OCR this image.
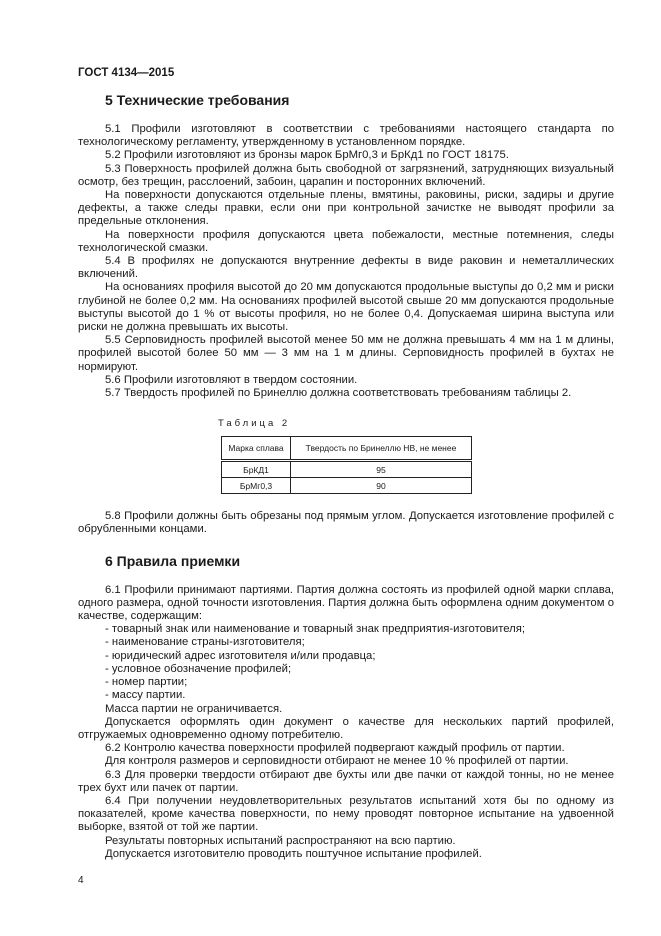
ГОСТ 4134—2015
5 Технические требования

5.1 Профили изготовляют в соответствии с требованиями настоящего стандарта по технологическому регламенту, утвержденному в установленном порядке.

5.2 Профили изготовляют из бронзы марок БрМг0,3 и БрКд1 по ГОСТ 18175.

5.3 Поверхность профилей должна быть свободной от загрязнений, затрудняющих визуальный осмотр, без трещин, расслоений, забоин, царапин и посторонних включений.

На поверхности допускаются отдельные плены, вмятины, раковины, риски, задиры и другие дефекты, а также следы правки, если они при контрольной зачистке не выводят профили за предельные отклонения.

На поверхности профиля допускаются цвета побежалости, местные потемнения, следы технологической смазки.

5.4 В профилях не допускаются внутренние дефекты в виде раковин и неметаллических включений.

На основаниях профиля высотой до 20 мм допускаются продольные выступы до 0,2 мм и риски глубиной не более 0,2 мм. На основаниях профилей высотой свыше 20 мм допускаются продольные выступы высотой до 1 % от высоты профиля, но не более 0,4. Допускаемая ширина выступа или риски не должна превышать их высоты.

5.5 Серповидность профилей высотой менее 50 мм не должна превышать 4 мм на 1 м длины, профилей высотой более 50 мм — 3 мм на 1 м длины. Серповидность профилей в бухтах не нормируют.

5.6 Профили изготовляют в твердом состоянии.

5.7 Твердость профилей по Бринеллю должна соответствовать требованиям таблицы 2.

Таблица 2
Марка сплава	Твердость по Бринеллю НВ, не менее
БрКД1	95
БрМг0,3	90

5.8 Профили должны быть обрезаны под прямым углом. Допускается изготовление профилей с обрубленными концами.

6 Правила приемки

6.1 Профили принимают партиями. Партия должна состоять из профилей одной марки сплава, одного размера, одной точности изготовления. Партия должна быть оформлена одним документом о качестве, содержащим:

- товарный знак или наименование и товарный знак предприятия-изготовителя;

- наименование страны-изготовителя;

- юридический адрес изготовителя и/или продавца;

- условное обозначение профилей;

- номер партии;

- массу партии.

Масса партии не ограничивается.

Допускается оформлять один документ о качестве для нескольких партий профилей, отгружаемых одновременно одному потребителю.

6.2 Контролю качества поверхности профилей подвергают каждый профиль от партии.

Для контроля размеров и серповидности отбирают не менее 10 % профилей от партии.

6.3 Для проверки твердости отбирают две бухты или две пачки от каждой тонны, но не менее трех бухт или пачек от партии.

6.4 При получении неудовлетворительных результатов испытаний хотя бы по одному из показателей, кроме качества поверхности, по нему проводят повторное испытание на удвоенной выборке, взятой от той же партии.

Результаты повторных испытаний распространяют на всю партию.

Допускается изготовителю проводить поштучное испытание профилей.

4
